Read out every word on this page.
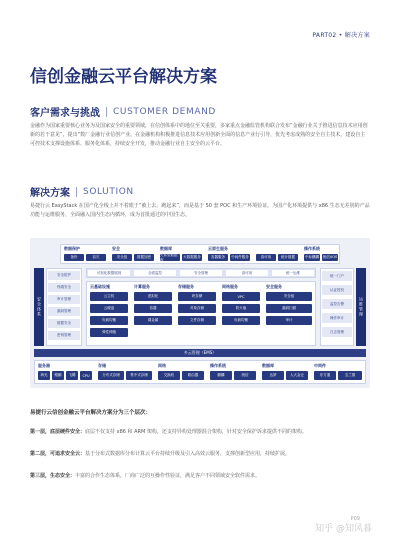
PART02 • 解决方案
信创金融云平台解决方案
客户需求与挑战 CUSTOMER DEMAND

金融作为国家重要核心业务为及国家安全的重要领域，在信创体系中的地位至关重要，多家重点金融监管机构联合发布“金融行业关于推进信息技术应用创新的若干意见”，提出“数厂金融行业信创产业。在金融机构积极推进信息技术应用创新全面的信息产业行引导，优先考虑成熟的安全自主技术，建设自主可控技术支撑设施体系、服务化体系，持续安全开发，推动金融行业自主安全的云平台。

解决方案 SOLUTION

易捷行云 EasyStack 在国产化全栈上并不着眼于“被上去、跑起来”，而是基于 50 套 POC 和生产环境验证，为国产化环境提供与 x86 生态无差别的产品功能与运维服务，全面融入国内生态内循环，成为首批通过的中国生态。

数据保护
备份	容灾
安全
安全组	数据加密
数据库
关系型数据库
大数据服务
云原生服务
容器服务	中间件服务	高可用	统计数据
操作系统
中标麒麟 统信UOS
安全体系	运维管理
安全防护
终端安全
审计管理
漏洞管理
数据安全
密钥管理
可视化数据展现	全面监控	安全管理	高可用	统一运维
云基础设施
云主机
云硬盘
负载均衡
弹性伸缩
计算服务
虚拟化
容器
裸金属
存储服务
块存储
对象存储
文件存储
网络服务
VPC
防火墙
负载均衡
安全服务
安全组
漏洞扫描
审计
统一门户
认证授权
监控告警
操作审计
日志管理
多云管理（EMS）
服务器
海光	鲲鹏	飞腾	CPU
存储
分布式存储	集中式存储
网络
交换机	路由器
操作系统
麒麟	统信
数据库
达梦	人大金仓
中间件
东方通	宝兰德
易捷行云信创金融云平台解决方案分为三个层次：

第一层，底层硬件安全：底层不仅支持 x86 和 ARM 架构，还支持异构处理器混合架构，针对安全保护诉求提供不同的架构。

第二层，可追求安全云：基于分布式数据库分布计算云平台持续升级及引入高效云服务，支撑创新型应用，持续扩展。

第三层，生态安全：丰富的合作生态体系，厂商广泛的互操作性验证，满足客户不同领域安全软件需求。

P09
知乎 @知风暮
